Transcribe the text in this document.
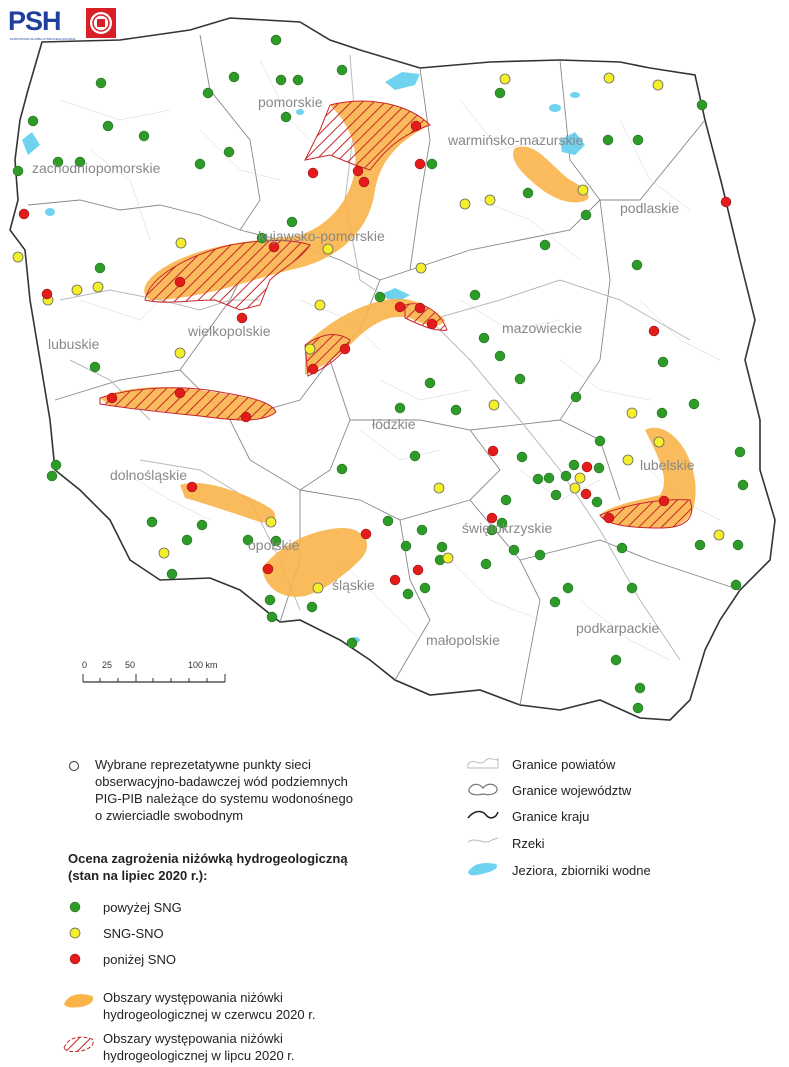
PSH
PAŃSTWOWA SŁUŻBA HYDROGEOLOGICZNA
zachodniopomorskie
pomorskie
warmińsko-mazurskie
podlaskie
kujawsko-pomorskie
lubuskie
wielkopolskie	mazowieckie
łódzkie
lubelskie
dolnośląskie
opolskie
śląskie
świętokrzyskie
małopolskie
podkarpackie
0 25 50	100 km
Wybrane reprezetatywne punkty sieci
obserwacyjno-badawczej wód podziemnych
PIG-PIB należące do systemu wodonośnego
o zwierciadle swobodnym
Ocena zagrożenia niżówką hydrogeologiczną
(stan na lipiec 2020 r.):
powyżej SNG
SNG-SNO
poniżej SNO
Obszary występowania niżówki
hydrogeologicznej w czerwcu 2020 r.
Obszary występowania niżówki
hydrogeologicznej w lipcu 2020 r.
Granice powiatów
Granice województw
Granice kraju
Rzeki
Jeziora, zbiorniki wodne
